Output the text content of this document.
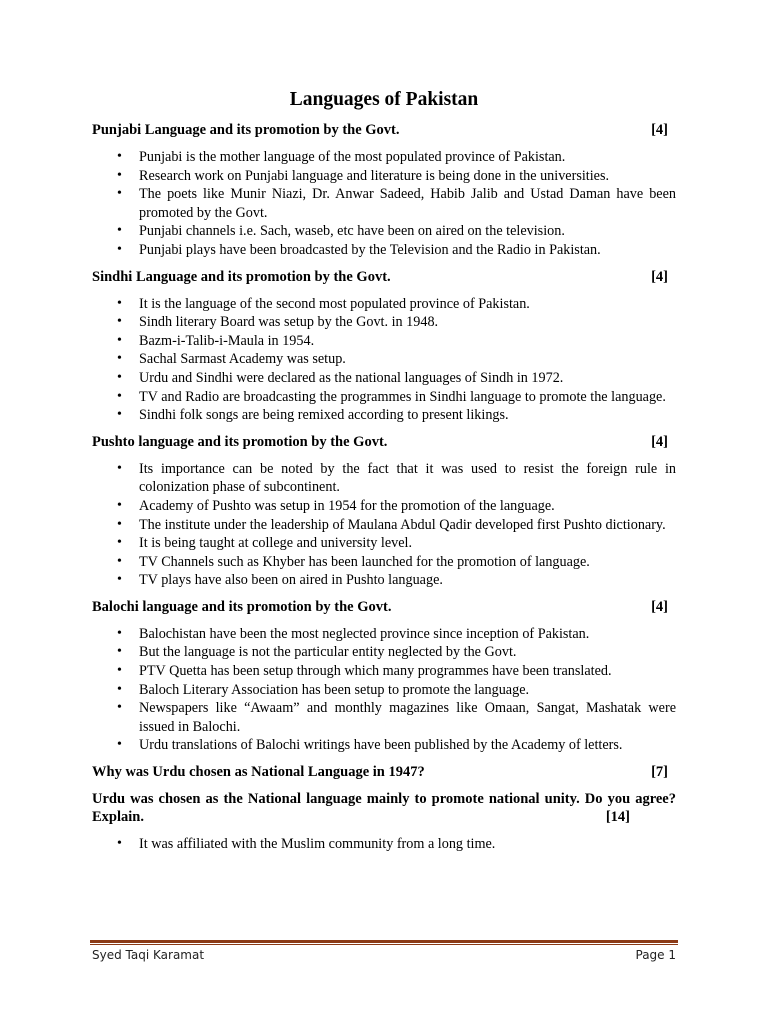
Languages of Pakistan
Punjabi Language and its promotion by the Govt.	[4]
• Punjabi is the mother language of the most populated province of Pakistan.
• Research work on Punjabi language and literature is being done in the universities.
• The poets like Munir Niazi, Dr. Anwar Sadeed, Habib Jalib and Ustad Daman have been promoted by the Govt.
• Punjabi channels i.e. Sach, waseb, etc have been on aired on the television.
• Punjabi plays have been broadcasted by the Television and the Radio in Pakistan.
Sindhi Language and its promotion by the Govt.	[4]
• It is the language of the second most populated province of Pakistan.
• Sindh literary Board was setup by the Govt. in 1948.
• Bazm-i-Talib-i-Maula in 1954.
• Sachal Sarmast Academy was setup.
• Urdu and Sindhi were declared as the national languages of Sindh in 1972.
• TV and Radio are broadcasting the programmes in Sindhi language to promote the language.
• Sindhi folk songs are being remixed according to present likings.
Pushto language and its promotion by the Govt.	[4]
• Its importance can be noted by the fact that it was used to resist the foreign rule in colonization phase of subcontinent.
• Academy of Pushto was setup in 1954 for the promotion of the language.
• The institute under the leadership of Maulana Abdul Qadir developed first Pushto dictionary.
• It is being taught at college and university level.
• TV Channels such as Khyber has been launched for the promotion of language.
• TV plays have also been on aired in Pushto language.
Balochi language and its promotion by the Govt.	[4]
• Balochistan have been the most neglected province since inception of Pakistan.
• But the language is not the particular entity neglected by the Govt.
• PTV Quetta has been setup through which many programmes have been translated.
• Baloch Literary Association has been setup to promote the language.
• Newspapers like “Awaam” and monthly magazines like Omaan, Sangat, Mashatak were issued in Balochi.
• Urdu translations of Balochi writings have been published by the Academy of letters.
Why was Urdu chosen as National Language in 1947?	[7]
Urdu was chosen as the National language mainly to promote national unity. Do you agree? Explain.	[14]
• It was affiliated with the Muslim community from a long time.
Syed Taqi Karamat	Page 1
